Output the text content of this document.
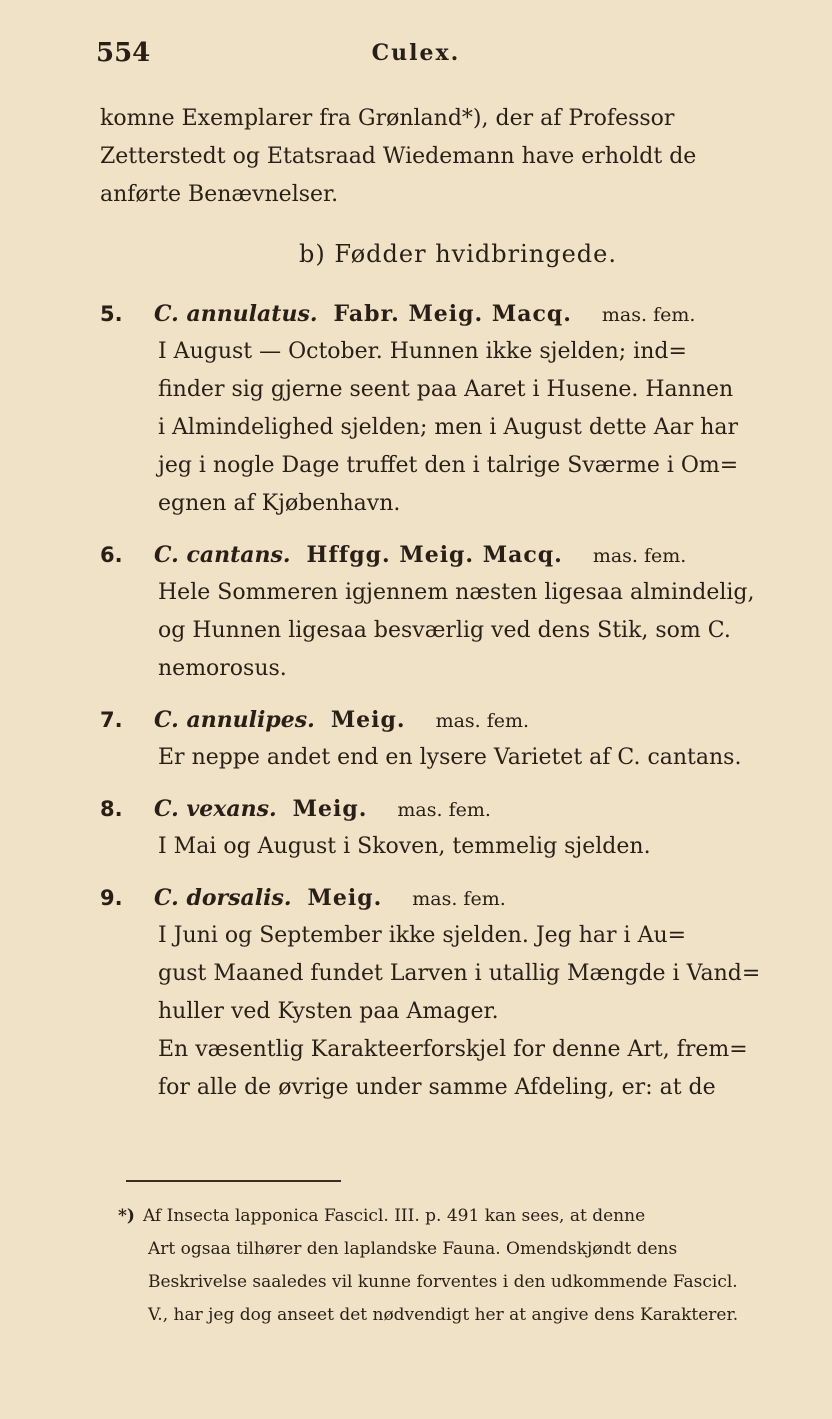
554	Culex.
komne Exemplarer fra Grønland*), der af Professor
Zetterstedt og Etatsraad Wiedemann have erholdt de
anførte Benævnelser.
b) Fødder hvidbringede.
5. C. annulatus. Fabr. Meig. Macq. mas. fem.
I August — October. Hunnen ikke sjelden; ind=
finder sig gjerne seent paa Aaret i Husene. Hannen
i Almindelighed sjelden; men i August dette Aar har
jeg i nogle Dage truffet den i talrige Sværme i Om=
egnen af Kjøbenhavn.
6. C. cantans. Hffgg. Meig. Macq. mas. fem.
Hele Sommeren igjennem næsten ligesaa almindelig,
og Hunnen ligesaa besværlig ved dens Stik, som C.
nemorosus.
7. C. annulipes. Meig. mas. fem.
Er neppe andet end en lysere Varietet af C. cantans.
8. C. vexans. Meig. mas. fem.
I Mai og August i Skoven, temmelig sjelden.
9. C. dorsalis. Meig. mas. fem.
I Juni og September ikke sjelden. Jeg har i Au=
gust Maaned fundet Larven i utallig Mængde i Vand=
huller ved Kysten paa Amager.
En væsentlig Karakteerforskjel for denne Art, frem=
for alle de øvrige under samme Afdeling, er: at de
*) Af Insecta lapponica Fascicl. III. p. 491 kan sees, at denne
Art ogsaa tilhører den laplandske Fauna. Omendskjøndt dens
Beskrivelse saaledes vil kunne forventes i den udkommende Fascicl.
V., har jeg dog anseet det nødvendigt her at angive dens Karakterer.
